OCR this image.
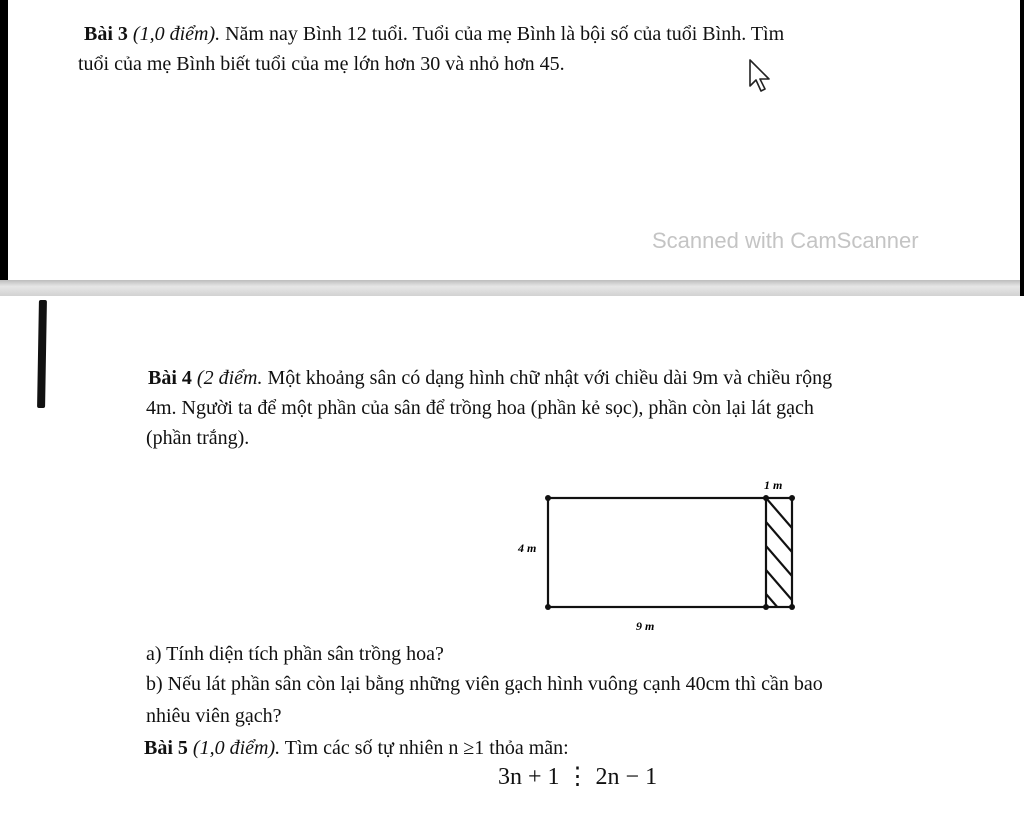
Bài 3 (1,0 điểm). Năm nay Bình 12 tuổi. Tuổi của mẹ Bình là bội số của tuổi Bình. Tìm
tuổi của mẹ Bình biết tuổi của mẹ lớn hơn 30 và nhỏ hơn 45.
Scanned with CamScanner
Bài 4 (2 điểm. Một khoảng sân có dạng hình chữ nhật với chiều dài 9m và chiều rộng
4m. Người ta để một phần của sân để trồng hoa (phần kẻ sọc), phần còn lại lát gạch
(phần trắng).
1 m
4 m
9 m
a) Tính diện tích phần sân trồng hoa?
b) Nếu lát phần sân còn lại bằng những viên gạch hình vuông cạnh 40cm thì cần bao
nhiêu viên gạch?
Bài 5 (1,0 điểm). Tìm các số tự nhiên n ≥1 thỏa mãn:
3n + 1 ⋮ 2n − 1
